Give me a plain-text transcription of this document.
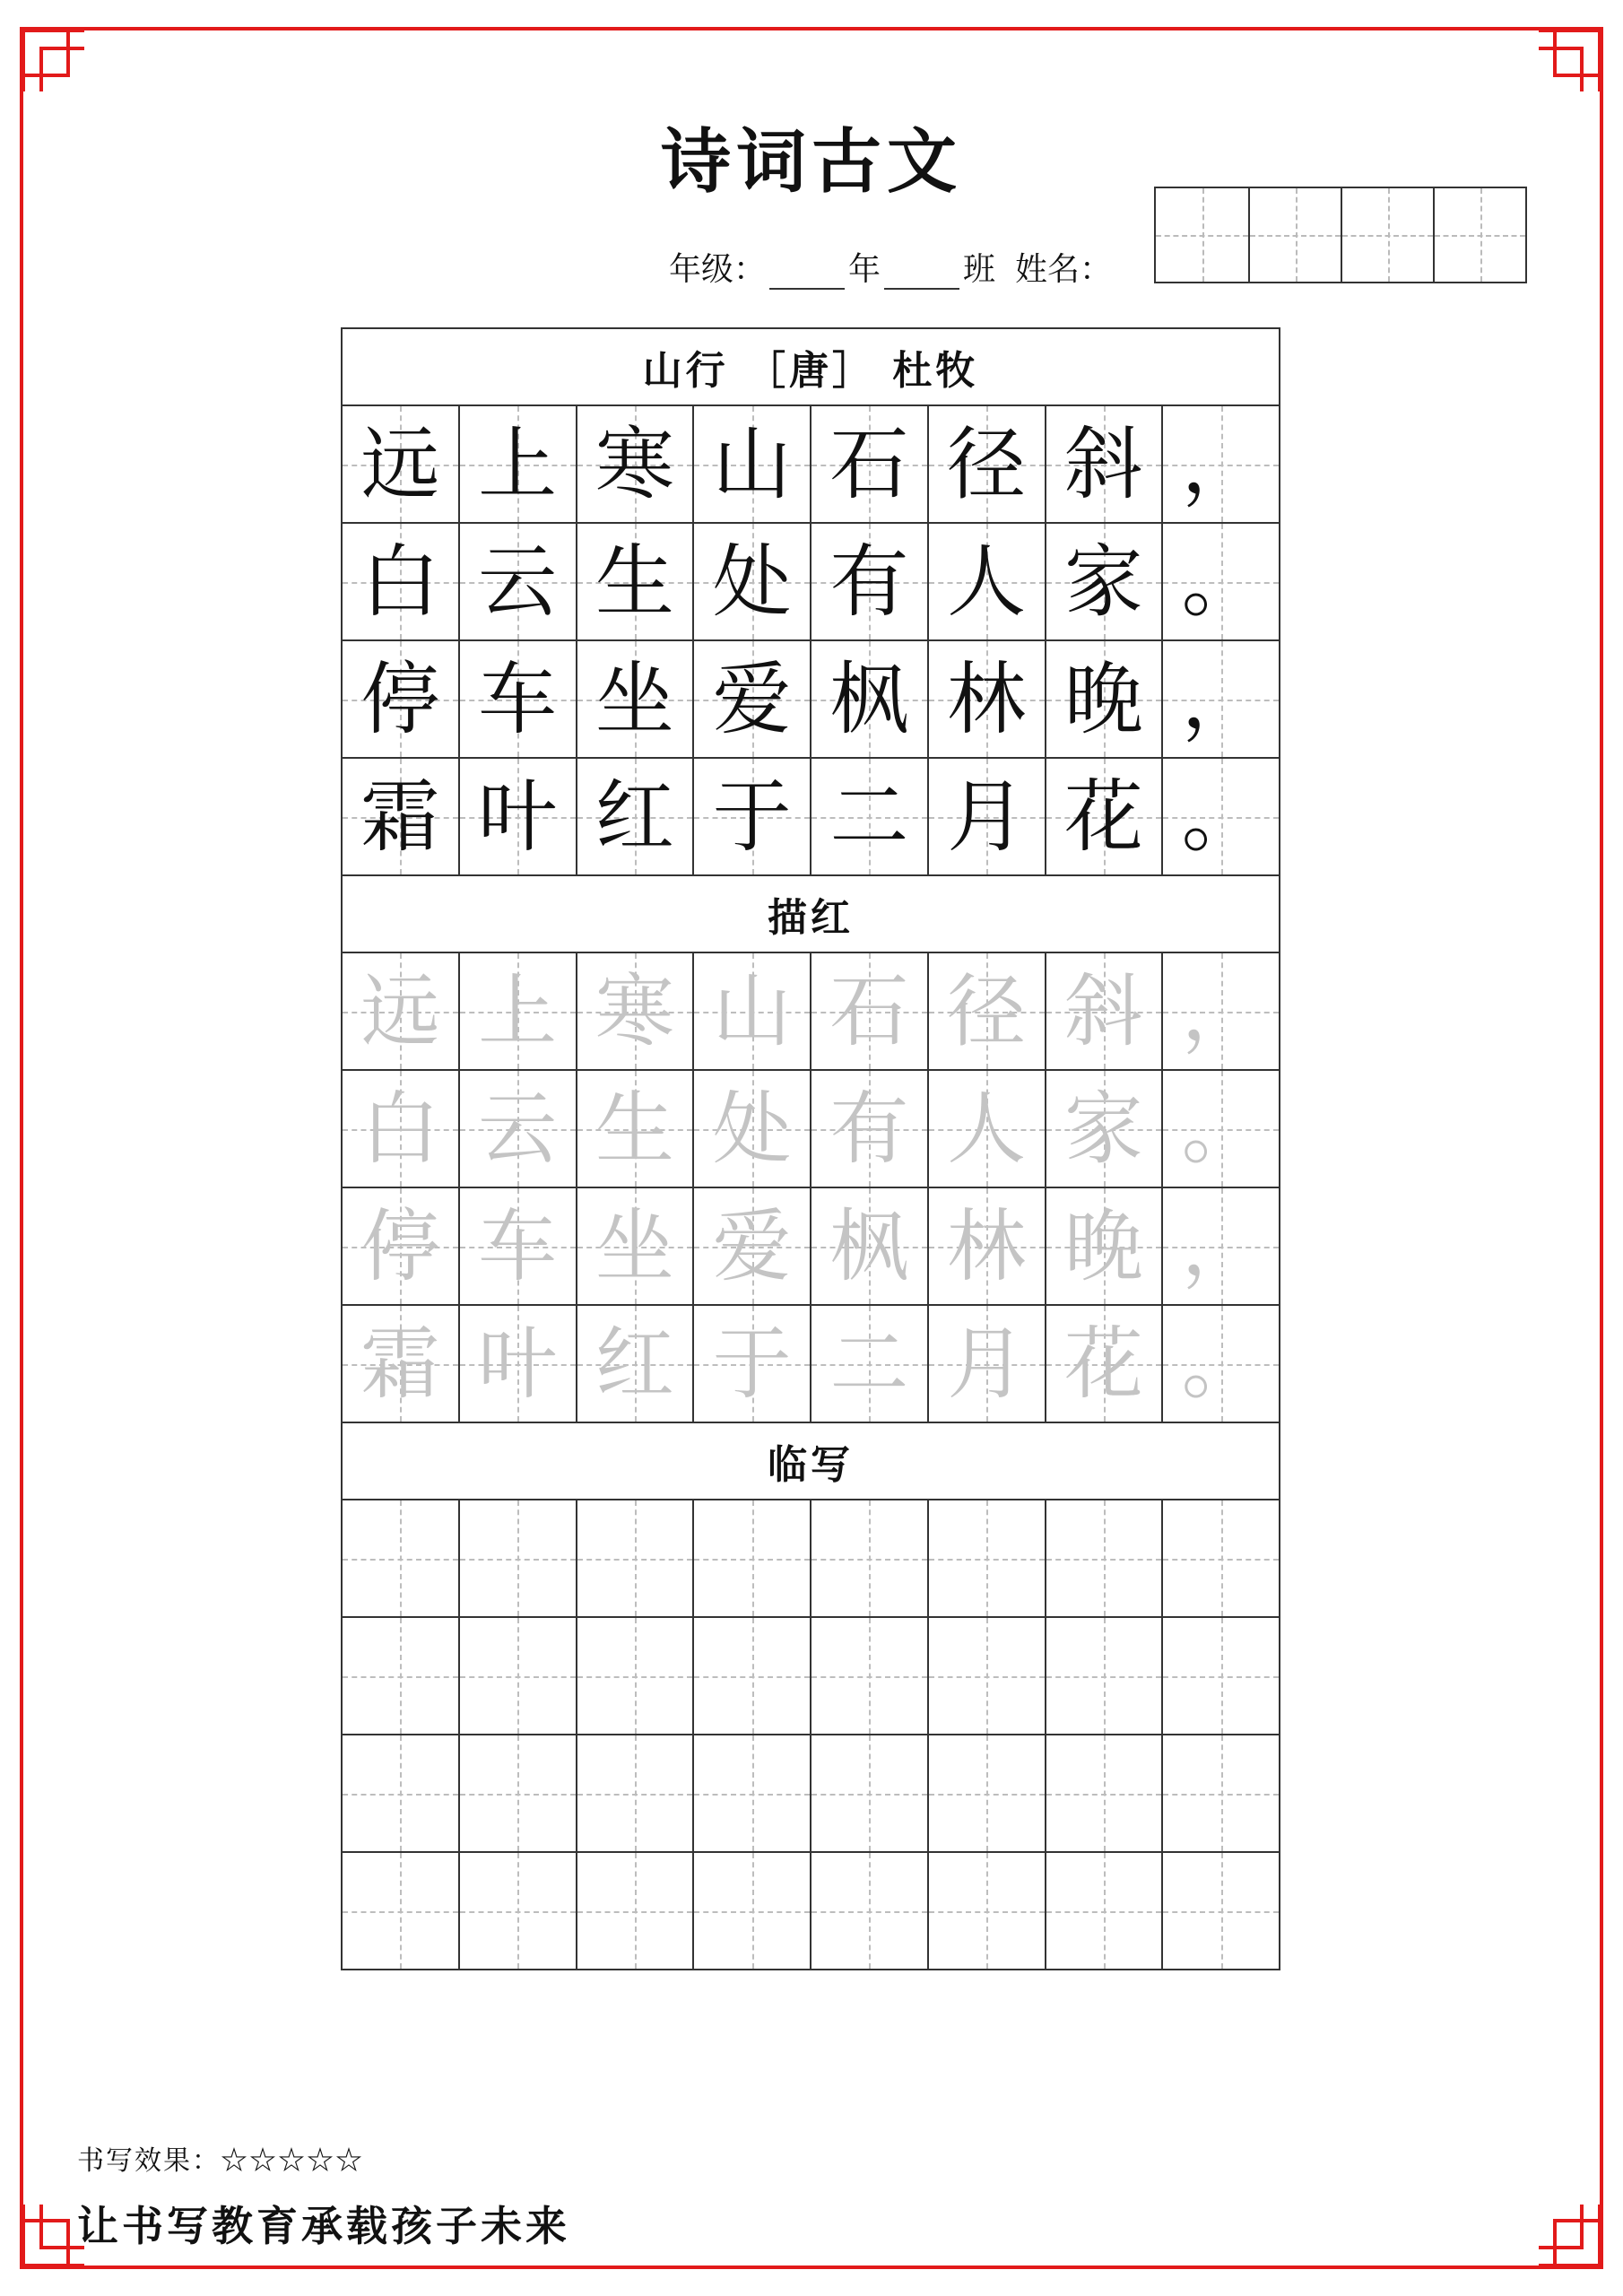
诗词古文
年级：	年	班 姓名：
山行 ［唐］ 杜牧
远 上 寒 山 石 径 斜 ，
白 云 生 处 有 人 家 。
停 车 坐 爱 枫 林 晚 ，
霜 叶 红 于 二 月 花 。
描红
远 上 寒 山 石 径 斜 ，
白 云 生 处 有 人 家 。
停 车 坐 爱 枫 林 晚 ，
霜 叶 红 于 二 月 花 。
临写
书写效果：☆☆☆☆☆
让书写教育承载孩子未来
